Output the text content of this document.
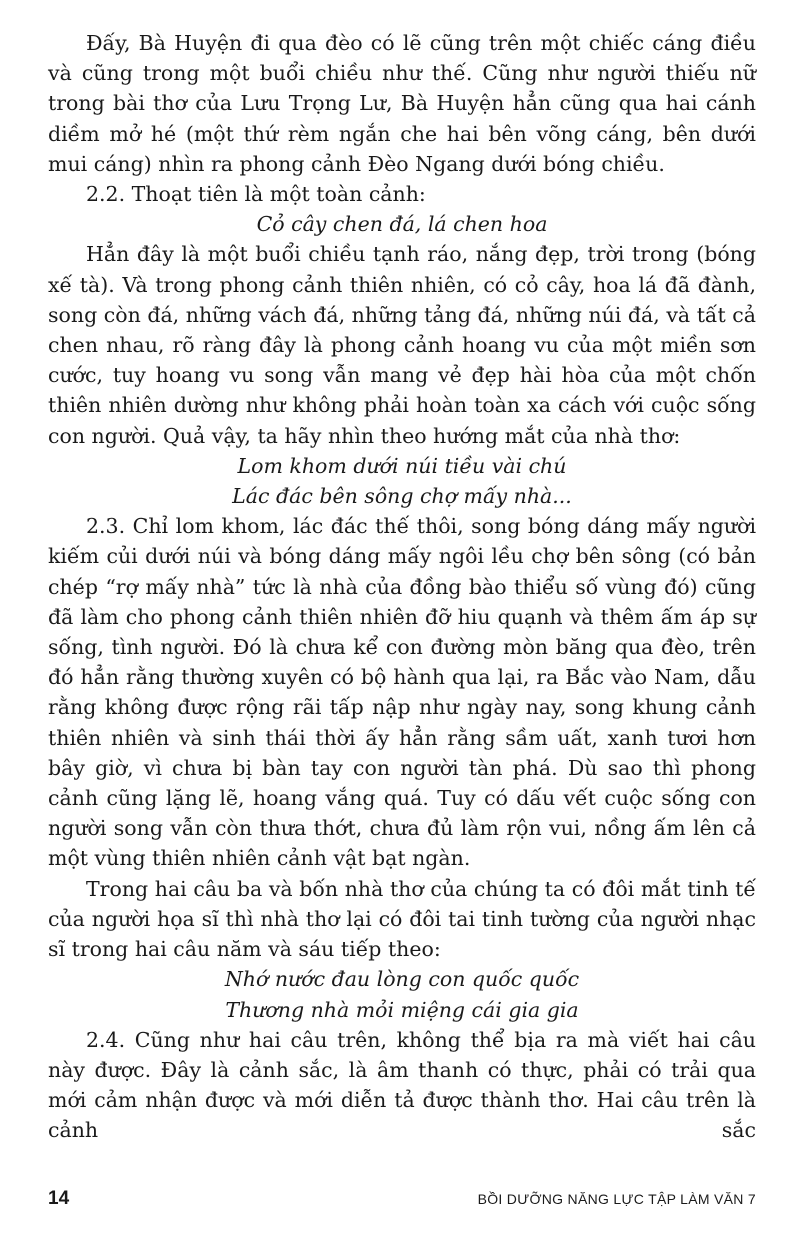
Đấy, Bà Huyện đi qua đèo có lẽ cũng trên một chiếc cáng điều và cũng trong một buổi chiều như thế. Cũng như người thiếu nữ trong bài thơ của Lưu Trọng Lư, Bà Huyện hẳn cũng qua hai cánh diềm mở hé (một thứ rèm ngắn che hai bên võng cáng, bên dưới mui cáng) nhìn ra phong cảnh Đèo Ngang dưới bóng chiều.

2.2. Thoạt tiên là một toàn cảnh:

Cỏ cây chen đá, lá chen hoa

Hẳn đây là một buổi chiều tạnh ráo, nắng đẹp, trời trong (bóng xế tà). Và trong phong cảnh thiên nhiên, có cỏ cây, hoa lá đã đành, song còn đá, những vách đá, những tảng đá, những núi đá, và tất cả chen nhau, rõ ràng đây là phong cảnh hoang vu của một miền sơn cước, tuy hoang vu song vẫn mang vẻ đẹp hài hòa của một chốn thiên nhiên dường như không phải hoàn toàn xa cách với cuộc sống con người. Quả vậy, ta hãy nhìn theo hướng mắt của nhà thơ:

Lom khom dưới núi tiều vài chú

Lác đác bên sông chợ mấy nhà...

2.3. Chỉ lom khom, lác đác thế thôi, song bóng dáng mấy người kiếm củi dưới núi và bóng dáng mấy ngôi lều chợ bên sông (có bản chép “rợ mấy nhà” tức là nhà của đồng bào thiểu số vùng đó) cũng đã làm cho phong cảnh thiên nhiên đỡ hiu quạnh và thêm ấm áp sự sống, tình người. Đó là chưa kể con đường mòn băng qua đèo, trên đó hẳn rằng thường xuyên có bộ hành qua lại, ra Bắc vào Nam, dẫu rằng không được rộng rãi tấp nập như ngày nay, song khung cảnh thiên nhiên và sinh thái thời ấy hẳn rằng sầm uất, xanh tươi hơn bây giờ, vì chưa bị bàn tay con người tàn phá. Dù sao thì phong cảnh cũng lặng lẽ, hoang vắng quá. Tuy có dấu vết cuộc sống con người song vẫn còn thưa thớt, chưa đủ làm rộn vui, nồng ấm lên cả một vùng thiên nhiên cảnh vật bạt ngàn.

Trong hai câu ba và bốn nhà thơ của chúng ta có đôi mắt tinh tế của người họa sĩ thì nhà thơ lại có đôi tai tinh tường của người nhạc sĩ trong hai câu năm và sáu tiếp theo:

Nhớ nước đau lòng con quốc quốc

Thương nhà mỏi miệng cái gia gia

2.4. Cũng như hai câu trên, không thể bịa ra mà viết hai câu này được. Đây là cảnh sắc, là âm thanh có thực, phải có trải qua mới cảm nhận được và mới diễn tả được thành thơ. Hai câu trên là cảnh sắc

14	BỒI DƯỠNG NĂNG LỰC TẬP LÀM VĂN 7
